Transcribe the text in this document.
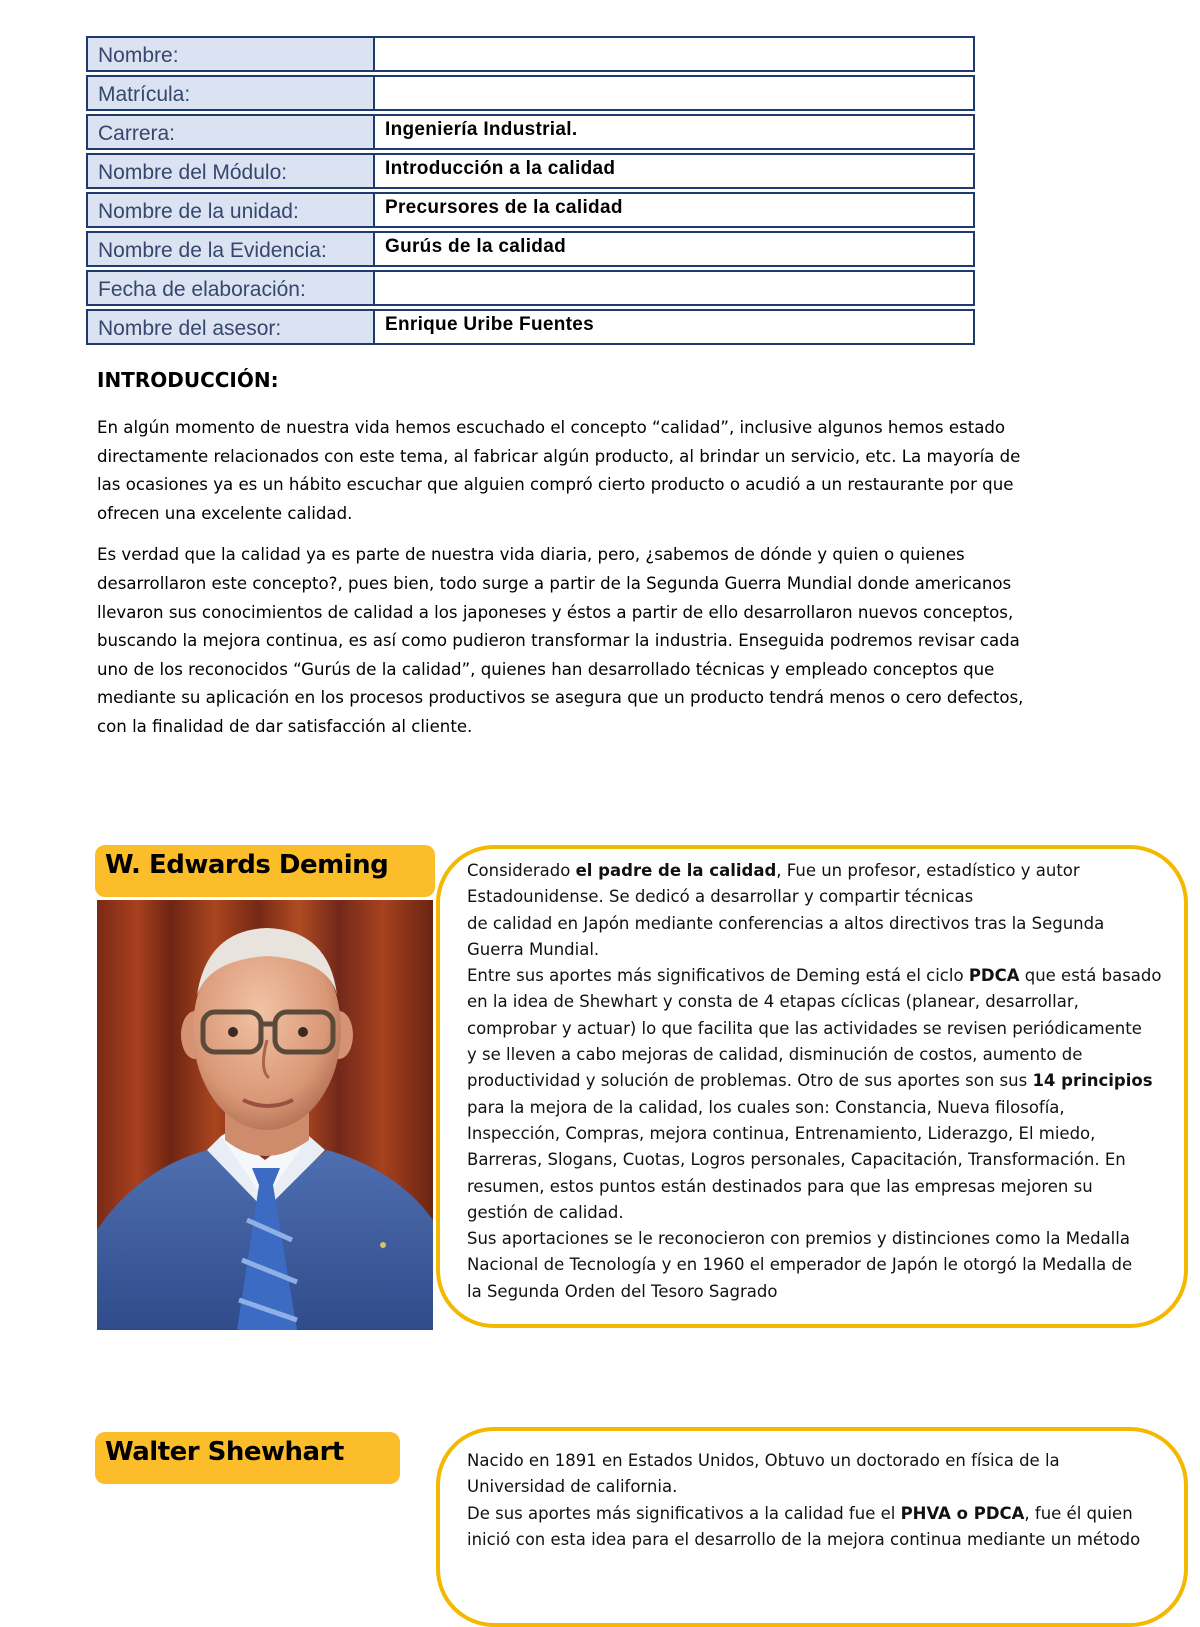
Nombre:	
Matrícula:	
Carrera:	Ingeniería Industrial.
Nombre del Módulo:	Introducción a la calidad
Nombre de la unidad:	Precursores de la calidad
Nombre de la Evidencia:	Gurús de la calidad
Fecha de elaboración:	
Nombre del asesor:	Enrique Uribe Fuentes
INTRODUCCIÓN:

En algún momento de nuestra vida hemos escuchado el concepto “calidad”, inclusive algunos hemos estado directamente relacionados con este tema, al fabricar algún producto, al brindar un servicio, etc. La mayoría de las ocasiones ya es un hábito escuchar que alguien compró cierto producto o acudió a un restaurante por que ofrecen una excelente calidad.

Es verdad que la calidad ya es parte de nuestra vida diaria, pero, ¿sabemos de dónde y quien o quienes desarrollaron este concepto?, pues bien, todo surge a partir de la Segunda Guerra Mundial donde americanos llevaron sus conocimientos de calidad a los japoneses y éstos a partir de ello desarrollaron nuevos conceptos, buscando la mejora continua, es así como pudieron transformar la industria. Enseguida podremos revisar cada uno de los reconocidos “Gurús de la calidad”, quienes han desarrollado técnicas y empleado conceptos que mediante su aplicación en los procesos productivos se asegura que un producto tendrá menos o cero defectos, con la finalidad de dar satisfacción al cliente.

W. Edwards Deming	Considerado el padre de la calidad, Fue un profesor, estadístico y autor
Estadounidense. Se dedicó a desarrollar y compartir técnicas
de calidad en Japón mediante conferencias a altos directivos tras la Segunda
Guerra Mundial.
Entre sus aportes más significativos de Deming está el ciclo PDCA que está basado
en la idea de Shewhart y consta de 4 etapas cíclicas (planear, desarrollar,
comprobar y actuar) lo que facilita que las actividades se revisen periódicamente
y se lleven a cabo mejoras de calidad, disminución de costos, aumento de
productividad y solución de problemas. Otro de sus aportes son sus 14 principios
para la mejora de la calidad, los cuales son: Constancia, Nueva filosofía,
Inspección, Compras, mejora continua, Entrenamiento, Liderazgo, El miedo,
Barreras, Slogans, Cuotas, Logros personales, Capacitación, Transformación. En
resumen, estos puntos están destinados para que las empresas mejoren su
gestión de calidad.
Sus aportaciones se le reconocieron con premios y distinciones como la Medalla
Nacional de Tecnología y en 1960 el emperador de Japón le otorgó la Medalla de
la Segunda Orden del Tesoro Sagrado
Walter Shewhart	Nacido en 1891 en Estados Unidos, Obtuvo un doctorado en física de la
Universidad de california.
De sus aportes más significativos a la calidad fue el PHVA o PDCA, fue él quien
inició con esta idea para el desarrollo de la mejora continua mediante un método
